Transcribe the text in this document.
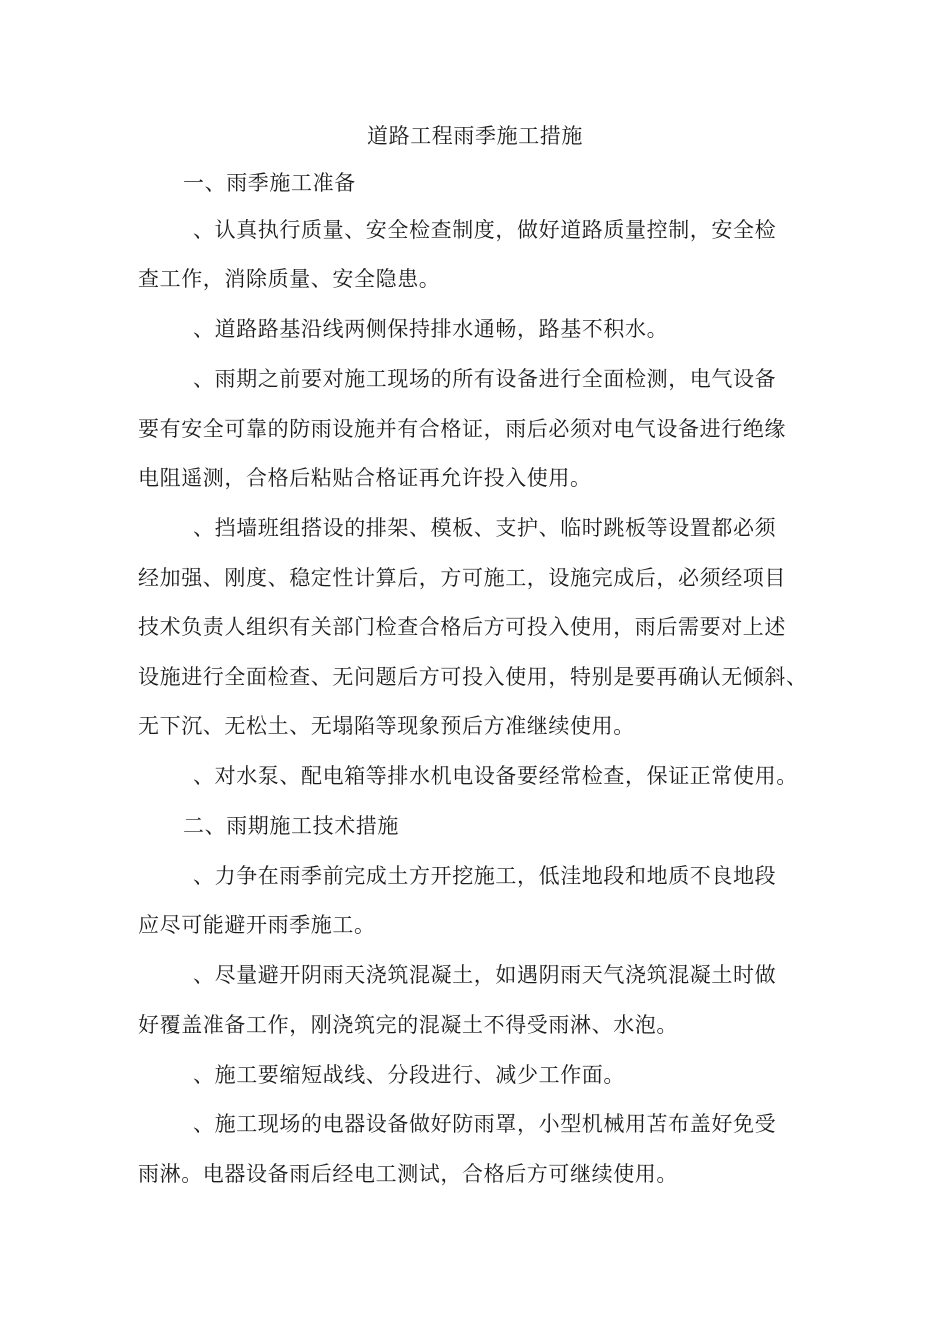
道路工程雨季施工措施
一、雨季施工准备
、认真执行质量、安全检查制度，做好道路质量控制，安全检
查工作，消除质量、安全隐患。
、道路路基沿线两侧保持排水通畅，路基不积水。
、雨期之前要对施工现场的所有设备进行全面检测，电气设备
要有安全可靠的防雨设施并有合格证，雨后必须对电气设备进行绝缘
电阻遥测，合格后粘贴合格证再允许投入使用。
、挡墙班组搭设的排架、模板、支护、临时跳板等设置都必须
经加强、刚度、稳定性计算后，方可施工，设施完成后，必须经项目
技术负责人组织有关部门检查合格后方可投入使用，雨后需要对上述
设施进行全面检查、无问题后方可投入使用，特别是要再确认无倾斜、
无下沉、无松土、无塌陷等现象预后方准继续使用。
、对水泵、配电箱等排水机电设备要经常检查，保证正常使用。
二、雨期施工技术措施
、力争在雨季前完成土方开挖施工，低洼地段和地质不良地段
应尽可能避开雨季施工。
、尽量避开阴雨天浇筑混凝土，如遇阴雨天气浇筑混凝土时做
好覆盖准备工作，刚浇筑完的混凝土不得受雨淋、水泡。
、施工要缩短战线、分段进行、减少工作面。
、施工现场的电器设备做好防雨罩，小型机械用苫布盖好免受
雨淋。电器设备雨后经电工测试，合格后方可继续使用。
